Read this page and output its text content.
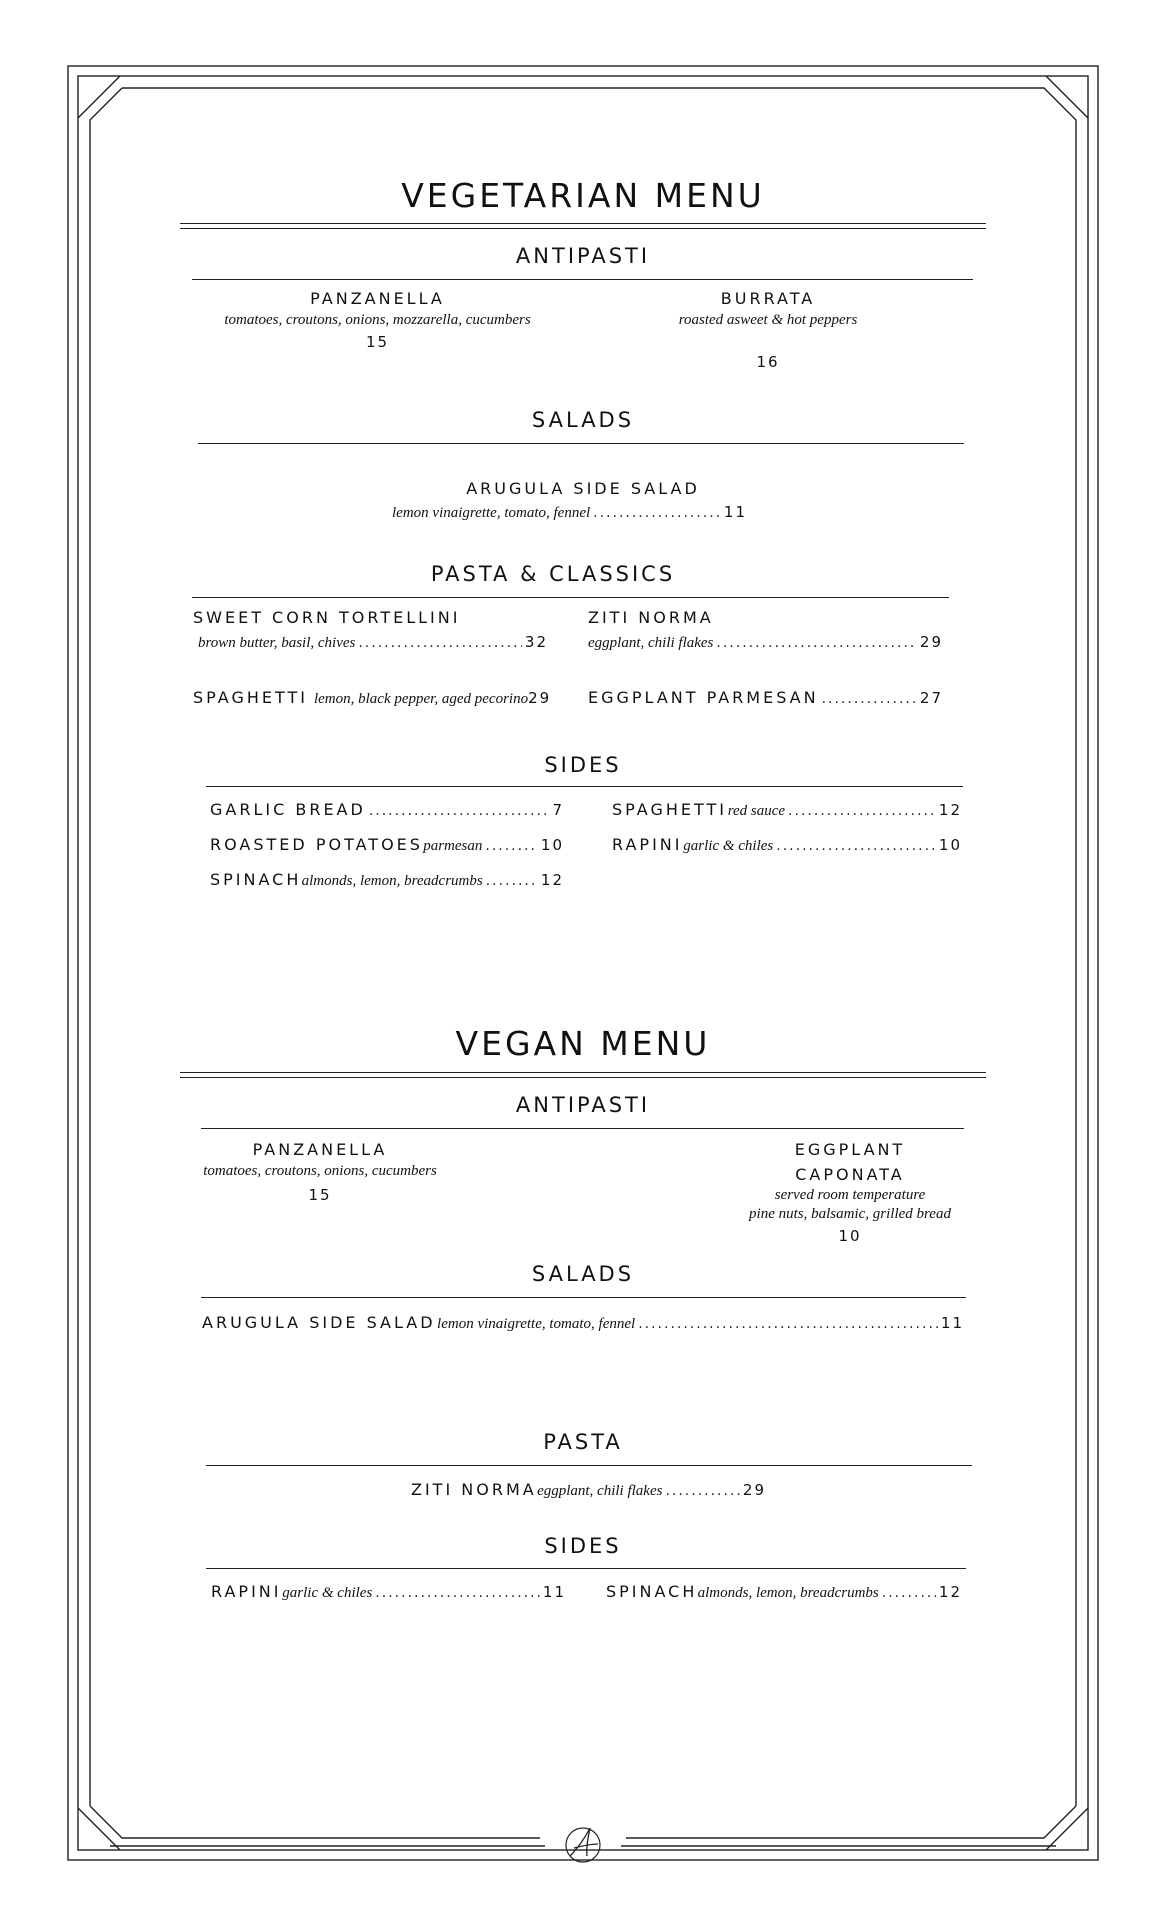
VEGETARIAN MENU
ANTIPASTI
PANZANELLA
tomatoes, croutons, onions, mozzarella, cucumbers
15
BURRATA
roasted asweet & hot peppers
16
SALADS
ARUGULA SIDE SALAD
lemon vinaigrette, tomato, fennel .....	11
PASTA & CLASSICS
SWEET CORN TORTELLINI
brown butter, basil, chives .....	32
ZITI NORMA
eggplant, chili flakes .....	29
SPAGHETTI lemon, black pepper, aged pecorino 29 EGGPLANT PARMESAN .....	27
SIDES
GARLIC BREAD .....	7
ROASTED POTATOES parmesan .....	10
SPINACH almonds, lemon, breadcrumbs .....	12
SPAGHETTI red sauce .....	12
RAPINI garlic & chiles .....	10
VEGAN MENU
ANTIPASTI
PANZANELLA
tomatoes, croutons, onions, cucumbers
15
EGGPLANT
CAPONATA
served room temperature
pine nuts, balsamic, grilled bread
10
SALADS
ARUGULA SIDE SALAD lemon vinaigrette, tomato, fennel .....	11
PASTA
ZITI NORMA eggplant, chili flakes .....	29
SIDES
RAPINI garlic & chiles .....	11	SPINACH almonds, lemon, breadcrumbs .....	12
